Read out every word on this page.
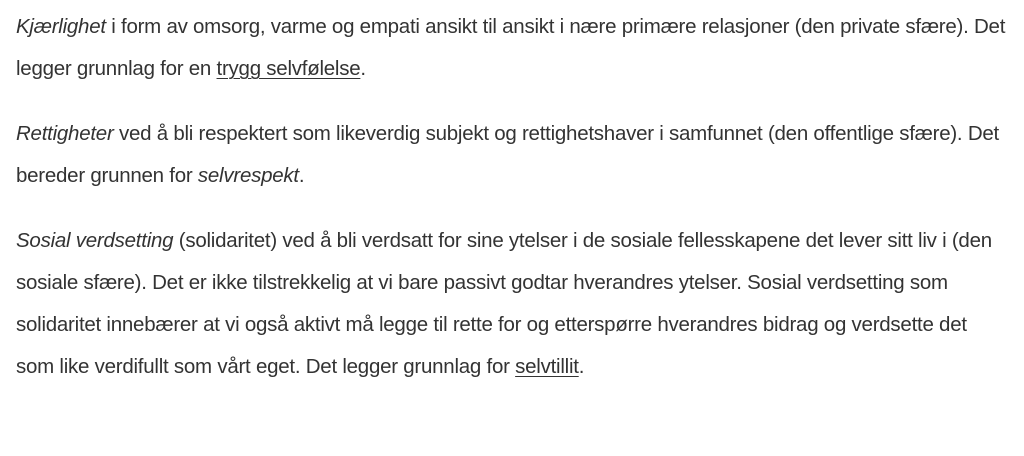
Kjærlighet i form av omsorg, varme og empati ansikt til ansikt i nære primære relasjoner (den private sfære). Det legger grunnlag for en trygg selvfølelse.

Rettigheter ved å bli respektert som likeverdig subjekt og rettighetshaver i samfunnet (den offentlige sfære). Det bereder grunnen for selvrespekt.

Sosial verdsetting (solidaritet) ved å bli verdsatt for sine ytelser i de sosiale fellesskapene det lever sitt liv i (den sosiale sfære). Det er ikke tilstrekkelig at vi bare passivt godtar hverandres ytelser. Sosial verdsetting som solidaritet innebærer at vi også aktivt må legge til rette for og etterspørre hverandres bidrag og verdsette det som like verdifullt som vårt eget. Det legger grunnlag for selvtillit.
